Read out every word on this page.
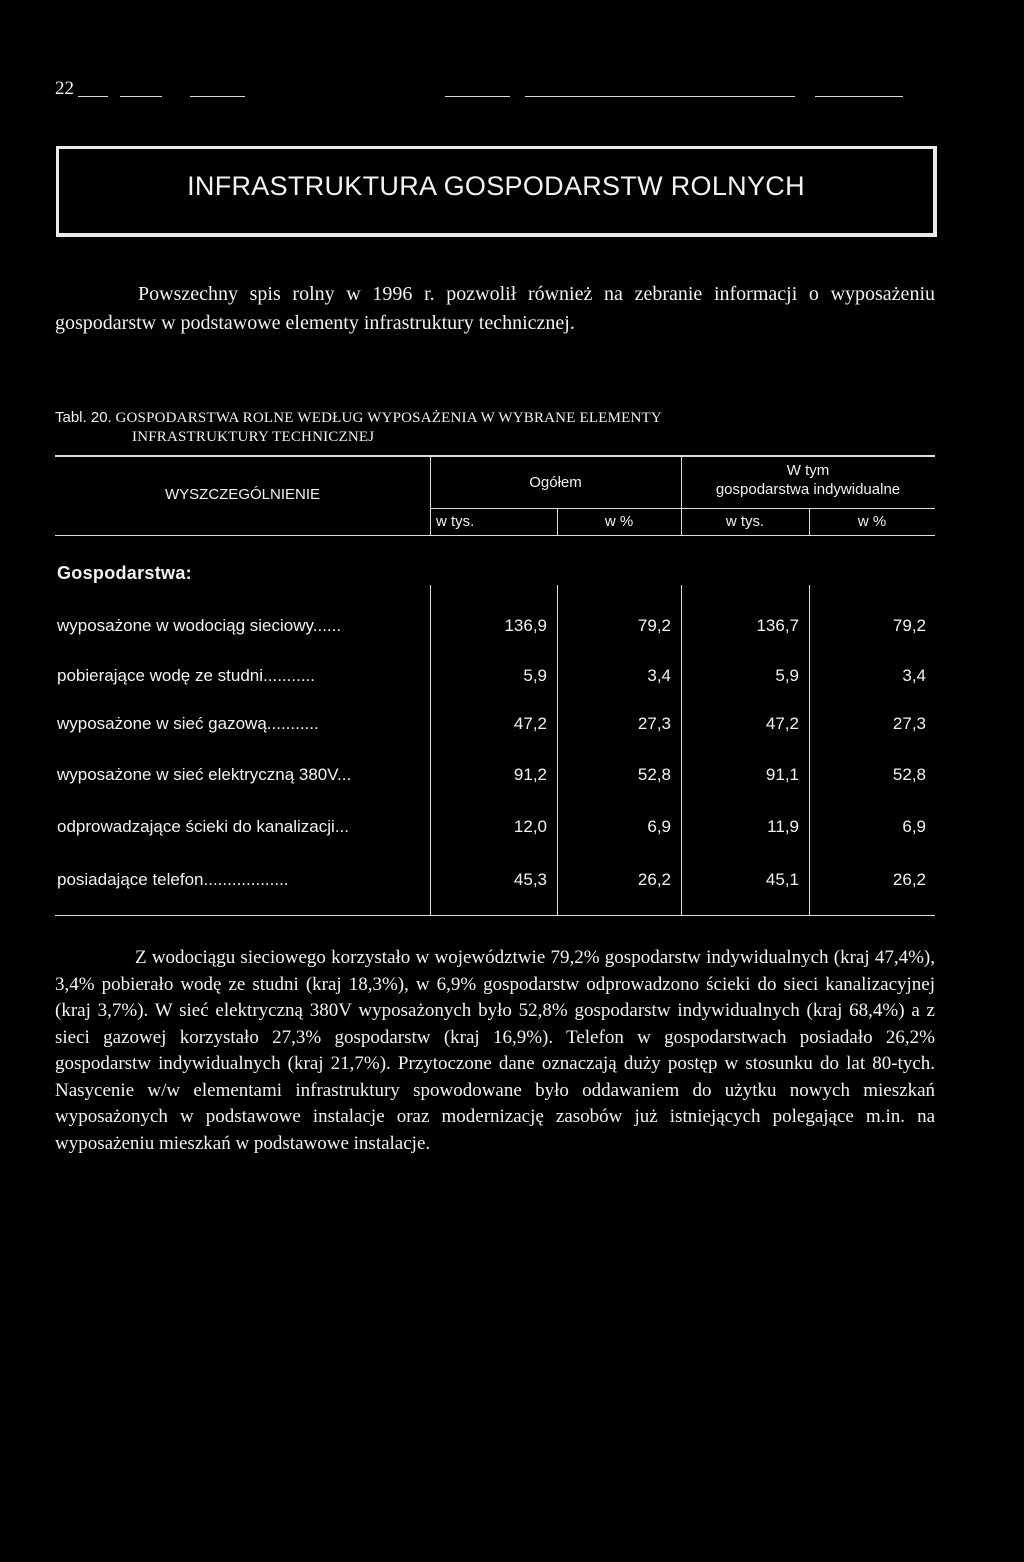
22
INFRASTRUKTURA GOSPODARSTW ROLNYCH
Powszechny spis rolny w 1996 r. pozwolił również na zebranie informacji o wyposażeniu gospodarstw w podstawowe elementy infrastruktury technicznej.
Tabl. 20. GOSPODARSTWA ROLNE WEDŁUG WYPOSAŻENIA W WYBRANE ELEMENTY
INFRASTRUKTURY TECHNICZNEJ
WYSZCZEGÓLNIENIE
Ogółem
W tym
gospodarstwa indywidualne
w tys.	w %	w tys.	w %
Gospodarstwa:
wyposażone w wodociąg sieciowy......	136,9	79,2	136,7	79,2
pobierające wodę ze studni...........	5,9	3,4	5,9	3,4
wyposażone w sieć gazową...........	47,2	27,3	47,2	27,3
wyposażone w sieć elektryczną 380V...	91,2	52,8	91,1	52,8
odprowadzające ścieki do kanalizacji...	12,0	6,9	11,9	6,9
posiadające telefon..................	45,3	26,2	45,1	26,2
Z wodociągu sieciowego korzystało w województwie 79,2% gospodarstw indywidualnych (kraj 47,4%), 3,4% pobierało wodę ze studni (kraj 18,3%), w 6,9% gospodarstw odprowadzono ścieki do sieci kanalizacyjnej (kraj 3,7%). W sieć elektryczną 380V wyposażonych było 52,8% gospodarstw indywidualnych (kraj 68,4%) a z sieci gazowej korzystało 27,3% gospodarstw (kraj 16,9%). Telefon w gospodarstwach posiadało 26,2% gospodarstw indywidualnych (kraj 21,7%). Przytoczone dane oznaczają duży postęp w stosunku do lat 80-tych. Nasycenie w/w elementami infrastruktury spowodowane było oddawaniem do użytku nowych mieszkań wyposażonych w podstawowe instalacje oraz modernizację zasobów już istniejących polegające m.in. na wyposażeniu mieszkań w podstawowe instalacje.
